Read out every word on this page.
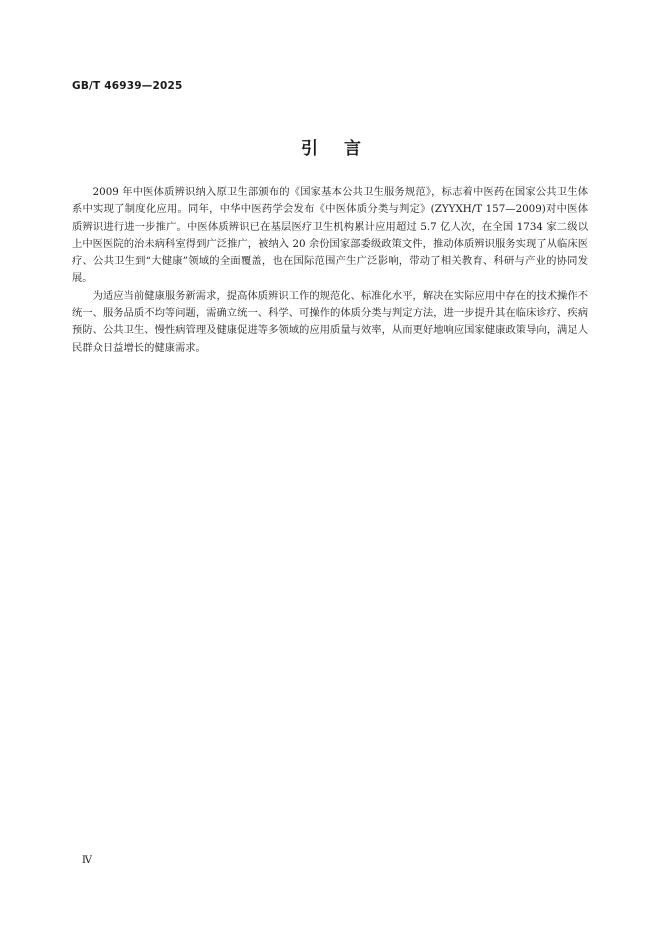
GB/T 46939—2025
引言

2009 年中医体质辨识纳入原卫生部颁布的《国家基本公共卫生服务规范》，标志着中医药在国家公共卫生体系中实现了制度化应用。同年，中华中医药学会发布《中医体质分类与判定》(ZYYXH/T 157—2009)对中医体质辨识进行进一步推广。中医体质辨识已在基层医疗卫生机构累计应用超过 5.7 亿人次，在全国 1734 家二级以上中医医院的治未病科室得到广泛推广，被纳入 20 余份国家部委级政策文件，推动体质辨识服务实现了从临床医疗、公共卫生到“大健康”领域的全面覆盖，也在国际范围产生广泛影响，带动了相关教育、科研与产业的协同发展。

为适应当前健康服务新需求，提高体质辨识工作的规范化、标准化水平，解决在实际应用中存在的技术操作不统一、服务品质不均等问题，需确立统一、科学、可操作的体质分类与判定方法，进一步提升其在临床诊疗、疾病预防、公共卫生、慢性病管理及健康促进等多领域的应用质量与效率，从而更好地响应国家健康政策导向，满足人民群众日益增长的健康需求。

Ⅳ
